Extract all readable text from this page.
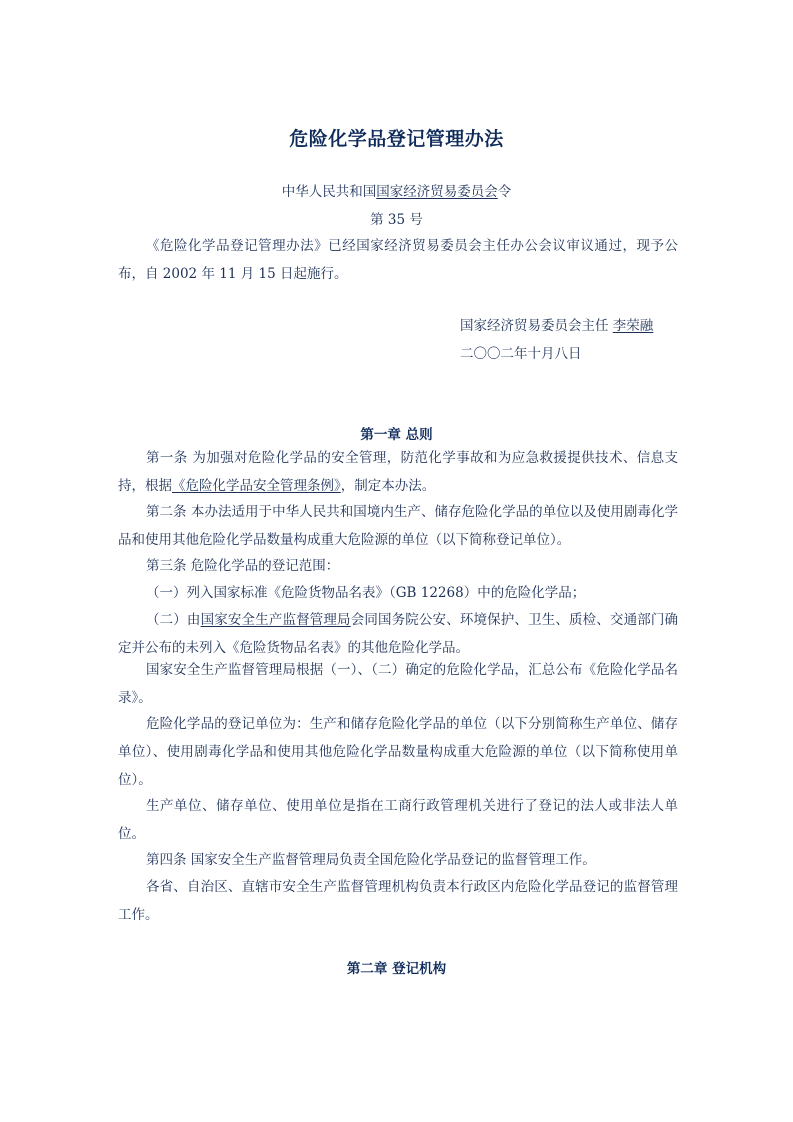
危险化学品登记管理办法
中华人民共和国国家经济贸易委员会令
第 35 号

《危险化学品登记管理办法》已经国家经济贸易委员会主任办公会议审议通过，现予公布，自 2002 年 11 月 15 日起施行。

国家经济贸易委员会主任 李荣融
二〇〇二年十月八日
第一章 总则

第一条 为加强对危险化学品的安全管理，防范化学事故和为应急救援提供技术、信息支持，根据《危险化学品安全管理条例》，制定本办法。

第二条 本办法适用于中华人民共和国境内生产、储存危险化学品的单位以及使用剧毒化学品和使用其他危险化学品数量构成重大危险源的单位（以下简称登记单位）。

第三条 危险化学品的登记范围：

（一）列入国家标准《危险货物品名表》（GB 12268）中的危险化学品；

（二）由国家安全生产监督管理局会同国务院公安、环境保护、卫生、质检、交通部门确定并公布的未列入《危险货物品名表》的其他危险化学品。

国家安全生产监督管理局根据（一）、（二）确定的危险化学品，汇总公布《危险化学品名录》。

危险化学品的登记单位为：生产和储存危险化学品的单位（以下分别简称生产单位、储存单位）、使用剧毒化学品和使用其他危险化学品数量构成重大危险源的单位（以下简称使用单位）。

生产单位、储存单位、使用单位是指在工商行政管理机关进行了登记的法人或非法人单位。

第四条 国家安全生产监督管理局负责全国危险化学品登记的监督管理工作。

各省、自治区、直辖市安全生产监督管理机构负责本行政区内危险化学品登记的监督管理工作。

第二章 登记机构
